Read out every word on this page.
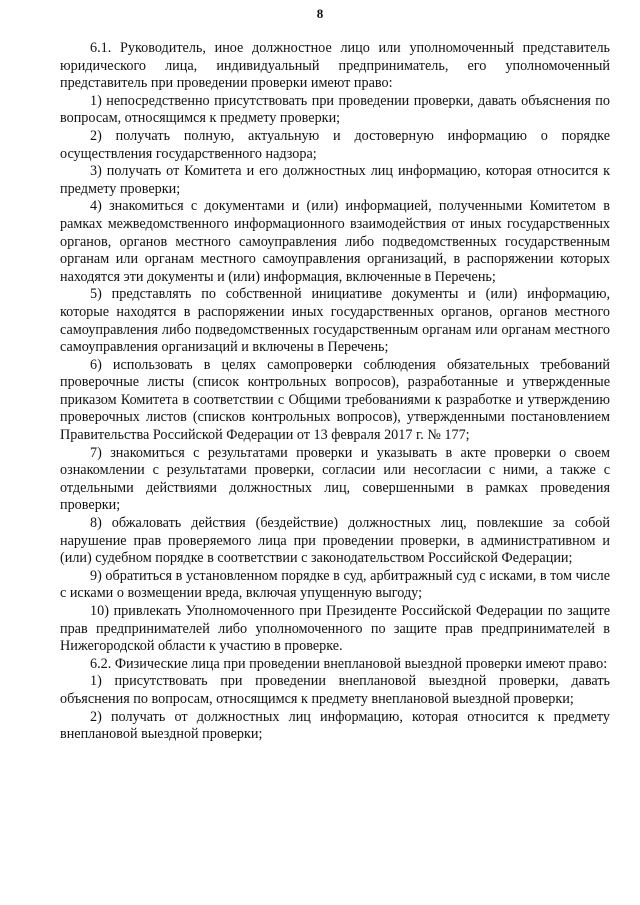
8

6.1. Руководитель, иное должностное лицо или уполномоченный представитель юридического лица, индивидуальный предприниматель, его уполномоченный представитель при проведении проверки имеют право:

1) непосредственно присутствовать при проведении проверки, давать объяснения по вопросам, относящимся к предмету проверки;

2) получать полную, актуальную и достоверную информацию о порядке осуществления государственного надзора;

3) получать от Комитета и его должностных лиц информацию, которая относится к предмету проверки;

4) знакомиться с документами и (или) информацией, полученными Комитетом в рамках межведомственного информационного взаимодействия от иных государственных органов, органов местного самоуправления либо подведомственных государственным органам или органам местного самоуправления организаций, в распоряжении которых находятся эти документы и (или) информация, включенные в Перечень;

5) представлять по собственной инициативе документы и (или) информацию, которые находятся в распоряжении иных государственных органов, органов местного самоуправления либо подведомственных государственным органам или органам местного самоуправления организаций и включены в Перечень;

6) использовать в целях самопроверки соблюдения обязательных требований проверочные листы (список контрольных вопросов), разработанные и утвержденные приказом Комитета в соответствии с Общими требованиями к разработке и утверждению проверочных листов (списков контрольных вопросов), утвержденными постановлением Правительства Российской Федерации от 13 февраля 2017 г. № 177;

7) знакомиться с результатами проверки и указывать в акте проверки о своем ознакомлении с результатами проверки, согласии или несогласии с ними, а также с отдельными действиями должностных лиц, совершенными в рамках проведения проверки;

8) обжаловать действия (бездействие) должностных лиц, повлекшие за собой нарушение прав проверяемого лица при проведении проверки, в административном и (или) судебном порядке в соответствии с законодательством Российской Федерации;

9) обратиться в установленном порядке в суд, арбитражный суд с исками, в том числе с исками о возмещении вреда, включая упущенную выгоду;

10) привлекать Уполномоченного при Президенте Российской Федерации по защите прав предпринимателей либо уполномоченного по защите прав предпринимателей в Нижегородской области к участию в проверке.

6.2. Физические лица при проведении внеплановой выездной проверки имеют право:

1) присутствовать при проведении внеплановой выездной проверки, давать объяснения по вопросам, относящимся к предмету внеплановой выездной проверки;

2) получать от должностных лиц информацию, которая относится к предмету внеплановой выездной проверки;
